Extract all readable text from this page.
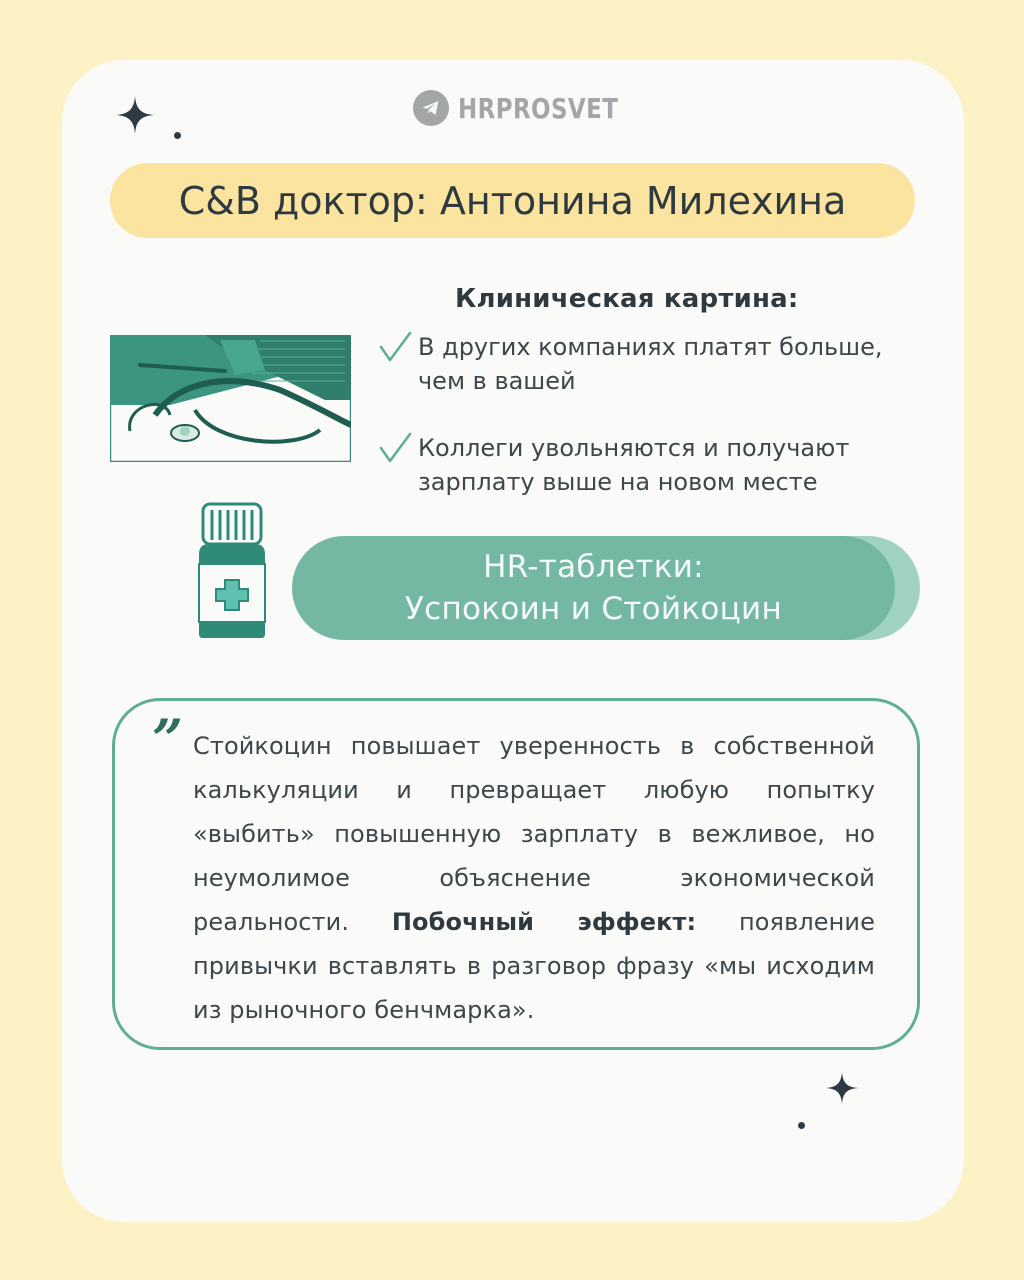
HRPROSVET
C&B доктор: Антонина Милехина
Клиническая картина:
В других компаниях платят больше,
чем в вашей
Коллеги увольняются и получают
зарплату выше на новом месте
HR-таблетки:
Успокоин и Стойкоцин
” Стойкоцин повышает уверенность в собственной калькуляции и превращает любую попытку «выбить» повышенную зарплату в вежливое, но неумолимое объяснение экономической реальности. Побочный эффект: появление привычки вставлять в разговор фразу «мы исходим из рыночного бенчмарка».
